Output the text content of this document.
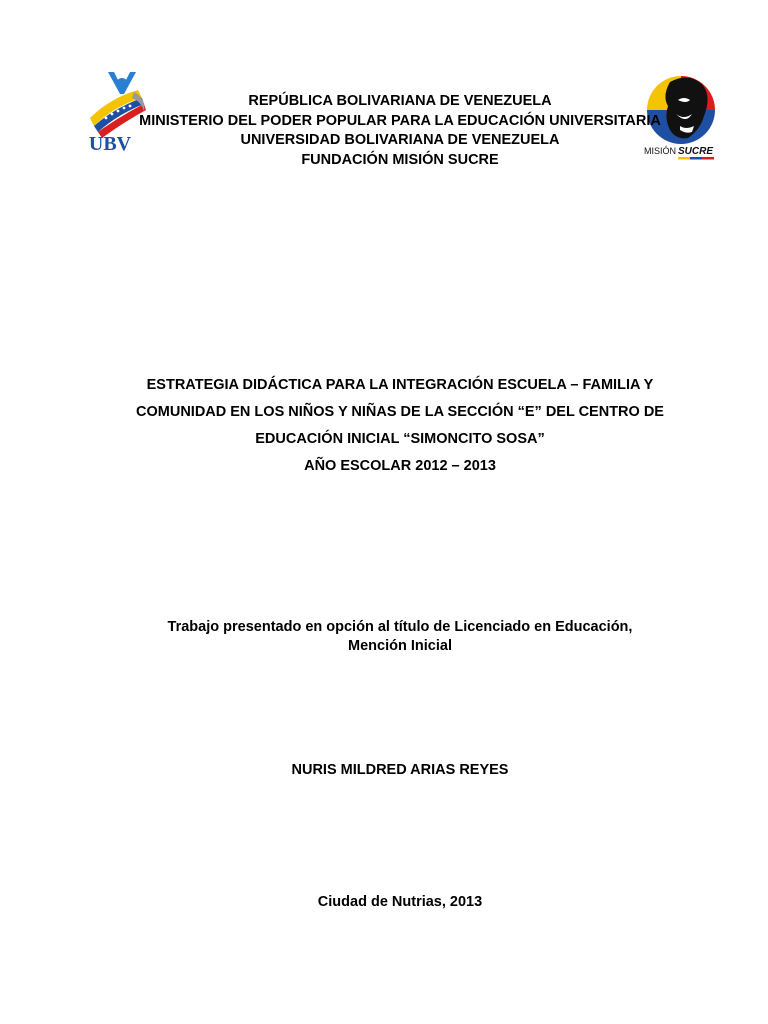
UBV	MISIÓN SUCRE
REPÚBLICA BOLIVARIANA DE VENEZUELA
MINISTERIO DEL PODER POPULAR PARA LA EDUCACIÓN UNIVERSITARIA
UNIVERSIDAD BOLIVARIANA DE VENEZUELA
FUNDACIÓN MISIÓN SUCRE
ESTRATEGIA DIDÁCTICA PARA LA INTEGRACIÓN ESCUELA – FAMILIA Y
COMUNIDAD EN LOS NIÑOS Y NIÑAS DE LA SECCIÓN “E” DEL CENTRO DE
EDUCACIÓN INICIAL “SIMONCITO SOSA”
AÑO ESCOLAR 2012 – 2013
Trabajo presentado en opción al título de Licenciado en Educación,
Mención Inicial
NURIS MILDRED ARIAS REYES
Ciudad de Nutrias, 2013
